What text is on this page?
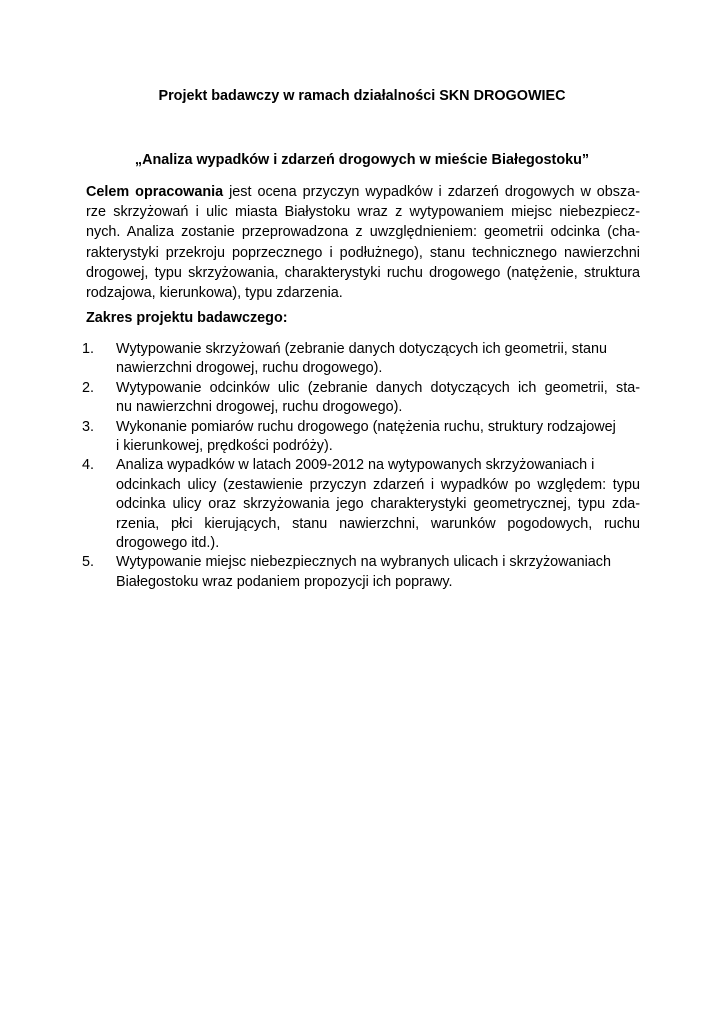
Projekt badawczy w ramach działalności SKN DROGOWIEC
„Analiza wypadków i zdarzeń drogowych w mieście Białegostoku”
Celem opracowania jest ocena przyczyn wypadków i zdarzeń drogowych w obsza-
rze skrzyżowań i ulic miasta Białystoku wraz z wytypowaniem miejsc niebezpiecz-
nych. Analiza zostanie przeprowadzona z uwzględnieniem: geometrii odcinka (cha-
rakterystyki przekroju poprzecznego i podłużnego), stanu technicznego nawierzchni
drogowej, typu skrzyżowania, charakterystyki ruchu drogowego (natężenie, struktura
rodzajowa, kierunkowa), typu zdarzenia.
Zakres projektu badawczego:
1. Wytypowanie skrzyżowań (zebranie danych dotyczących ich geometrii, stanu
nawierzchni drogowej, ruchu drogowego).
2. Wytypowanie odcinków ulic (zebranie danych dotyczących ich geometrii, sta-
nu nawierzchni drogowej, ruchu drogowego).
3. Wykonanie pomiarów ruchu drogowego (natężenia ruchu, struktury rodzajowej
i kierunkowej, prędkości podróży).
4. Analiza wypadków w latach 2009-2012 na wytypowanych skrzyżowaniach i
odcinkach ulicy (zestawienie przyczyn zdarzeń i wypadków po względem: typu
odcinka ulicy oraz skrzyżowania jego charakterystyki geometrycznej, typu zda-
rzenia, płci kierujących, stanu nawierzchni, warunków pogodowych, ruchu
drogowego itd.).
5. Wytypowanie miejsc niebezpiecznych na wybranych ulicach i skrzyżowaniach
Białegostoku wraz podaniem propozycji ich poprawy.
